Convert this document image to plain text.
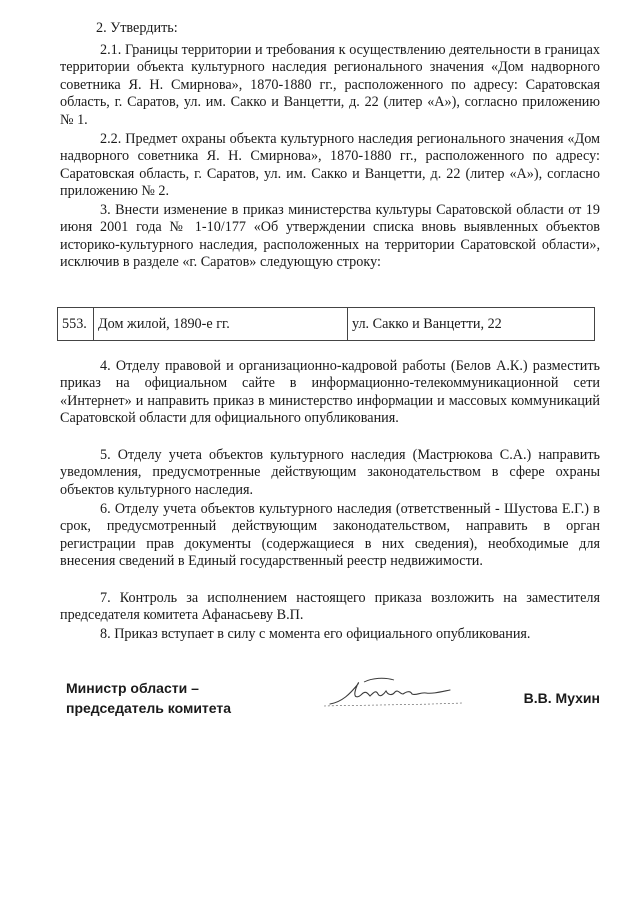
2. Утвердить:

2.1. Границы территории и требования к осуществлению деятельности в границах территории объекта культурного наследия регионального значения «Дом надворного советника Я. Н. Смирнова», 1870-1880 гг., расположенного по адресу: Саратовская область, г. Саратов, ул. им. Сакко и Ванцетти, д. 22 (литер «А»), согласно приложению № 1.

2.2. Предмет охраны объекта культурного наследия регионального значения «Дом надворного советника Я. Н. Смирнова», 1870-1880 гг., расположенного по адресу: Саратовская область, г. Саратов, ул. им. Сакко и Ванцетти, д. 22 (литер «А»), согласно приложению № 2.

3. Внести изменение в приказ министерства культуры Саратовской области от 19 июня 2001 года № 1-10/177 «Об утверждении списка вновь выявленных объектов историко-культурного наследия, расположенных на территории Саратовской области», исключив в разделе «г. Саратов» следующую строку:

553. Дом жилой, 1890-е гг.	ул. Сакко и Ванцетти, 22

4. Отделу правовой и организационно-кадровой работы (Белов А.К.) разместить приказ на официальном сайте в информационно-телекоммуникационной сети «Интернет» и направить приказ в министерство информации и массовых коммуникаций Саратовской области для официального опубликования.

5. Отделу учета объектов культурного наследия (Мастрюкова С.А.) направить уведомления, предусмотренные действующим законодательством в сфере охраны объектов культурного наследия.

6. Отделу учета объектов культурного наследия (ответственный - Шустова Е.Г.) в срок, предусмотренный действующим законодательством, направить в орган регистрации прав документы (содержащиеся в них сведения), необходимые для внесения сведений в Единый государственный реестр недвижимости.

7. Контроль за исполнением настоящего приказа возложить на заместителя председателя комитета Афанасьеву В.П.

8. Приказ вступает в силу с момента его официального опубликования.

Министр области –
председатель комитета
В.В. Мухин
